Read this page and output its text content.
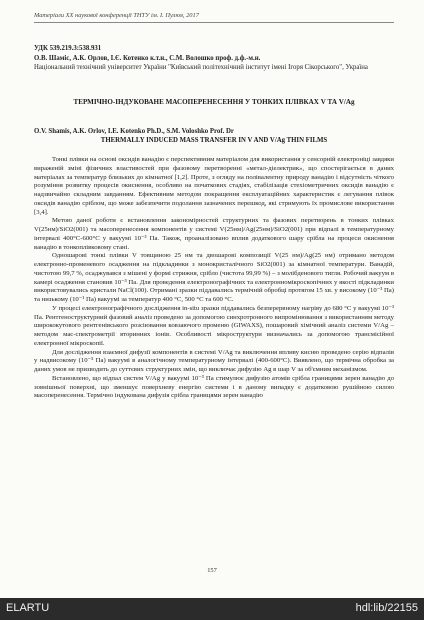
Матеріали ХХ наукової конференції ТНТУ ім. І. Пулюя, 2017
УДК 539.219.3:538.931
О.В. Шаміс, А.К. Орлов, І.Є. Котенко к.т.н., С.М. Волошко проф. д.ф.-м.н.
Національний технічний університет України "Київський політехнічний інститут імені Ігоря Сікорського", Україна
ТЕРМІЧНО-ІНДУКОВАНЕ МАСОПЕРЕНЕСЕННЯ У ТОНКИХ ПЛІВКАХ V ТА V/Ag
O.V. Shamis, A.K. Orlov, I.E. Kotenko Ph.D., S.M. Voloshko Prof. Dr
THERMALLY INDUCED MASS TRANSFER IN V AND V/Ag THIN FILMS

Тонкі плівки на основі оксидів ванадію є перспективним матеріалом для використання у сенсорній електроніці завдяки вираженій зміні фізичних властивостей при фазовому перетворенні «метал-діелектрик», що спостерігається в даних матеріалах за температур близьких до кімнатної [1,2]. Проте, з огляду на полівалентну природу ванадію і відсутність чіткого розуміння розвитку процесів окиснення, особливо на початкових стадіях, стабілізація стехіометричних оксидів ванадію є надзвичайно складним завданням. Ефективним методом покращення експлуатаційних характеристик є легування плівок оксидів ванадію сріблом, що може забезпечити подолання зазначених перешкод, які стримують їх промислове використання [3,4].

Метою даної роботи є встановлення закономірностей структурних та фазових перетворень в тонких плівках V(25нм)/SiO2(001) та масоперенесення компонентів у системі V(25нм)/Ag(25нм)/SiO2(001) при відпалі в температурному інтервалі 400°С-600°С у вакуумі 10⁻³ Па. Також, проаналізовано вплив додаткового шару срібла на процеси окиснення ванадію в тонкоплівковому стані.

Одношарові тонкі плівки V товщиною 25 нм та двошарові композиції V(25 нм)/Ag(25 нм) отримано методом електронно-променевого осадження на підкладинки з монокристалічного SiO2(001) за кімнатної температури. Ванадій, чистотою 99,7 %, осаджувався з мішені у формі стрижня, срібло (чистота 99,99 %) – з молібденового тигля. Робочий вакуум в камері осадження становив 10⁻³ Па. Для проведення електронографічних та електронномікроскопічних у якості підкладинки використовувались кристали NaCl(100). Отримані зразки піддавались термічній обробці протягом 15 хв. у високому (10⁻³ Па) та низькому (10⁻¹ Па) вакуумі за температур 400 °С, 500 °С та 600 °С.

У процесі електронографічного дослідження in-situ зразки піддавались безперервному нагріву до 680 °С у вакуумі 10⁻³ Па. Рентгеноструктурний фазовий аналіз проведено за допомогою синхротронного випромінювання з використанням методу ширококутового рентгенівського розсіювання ковзаючого променю (GIWAXS), пошаровий хімічний аналіз системи V/Ag – методом мас-спектрометрії вторинних іонів. Особливості мікроструктури визначались за допомогою трансмісійної електронної мікроскопії.

Для дослідження взаємної дифузії компонентів в системі V/Ag та виключення впливу кисню проведено серію відпалів у надвисокому (10⁻⁵ Па) вакуумі в аналогічному температурному інтервалі (400-600°С). Виявлено, що термічна обробка за даних умов не призводить до суттєвих структурних змін, що виключає дифузію Ag в шар V за об'ємним механізмом.

Встановлено, що відпал систем V/Ag у вакуумі 10⁻³ Па стимулює дифузію атомів срібла границями зерен ванадію до зовнішньої поверхні, що зменшує поверхневу енергію системи і в даному випадку є додатковою рушійною силою масоперенесення. Термічно індукована дифузія срібла границями зерен ванадію

157
ELARTU	hdl:lib/22155
